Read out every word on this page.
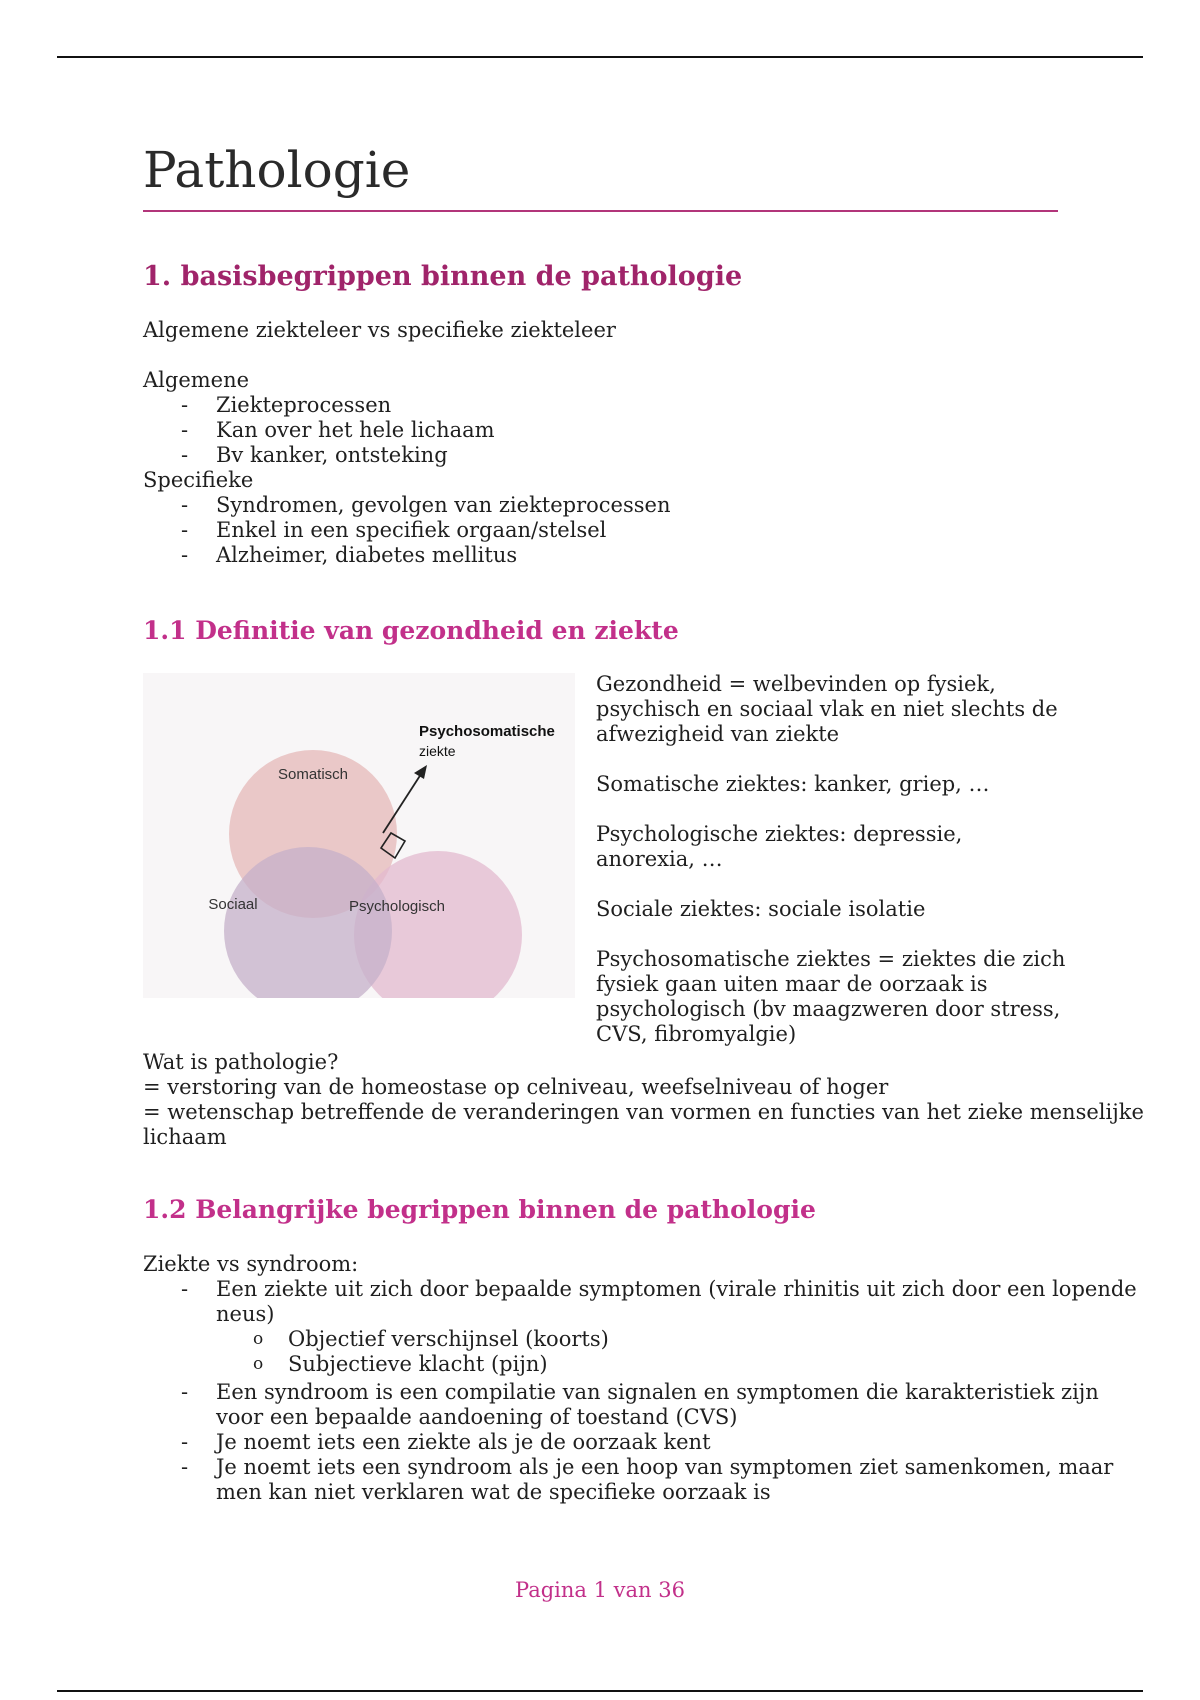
Pathologie
1. basisbegrippen binnen de pathologie
Algemene ziekteleer vs specifieke ziekteleer
Algemene
- Ziekteprocessen
- Kan over het hele lichaam
- Bv kanker, ontsteking
Specifieke
- Syndromen, gevolgen van ziekteprocessen
- Enkel in een specifiek orgaan/stelsel
- Alzheimer, diabetes mellitus
1.1 Definitie van gezondheid en ziekte
Wat is pathologie?
= verstoring van de homeostase op celniveau, weefselniveau of hoger
= wetenschap betreffende de veranderingen van vormen en functies van het zieke menselijke
lichaam
1.2 Belangrijke begrippen binnen de pathologie
Ziekte vs syndroom:
- Een ziekte uit zich door bepaalde symptomen (virale rhinitis uit zich door een lopende
neus)
o Objectief verschijnsel (koorts)
o Subjectieve klacht (pijn)
- Een syndroom is een compilatie van signalen en symptomen die karakteristiek zijn
voor een bepaalde aandoening of toestand (CVS)
- Je noemt iets een ziekte als je de oorzaak kent
- Je noemt iets een syndroom als je een hoop van symptomen ziet samenkomen, maar
men kan niet verklaren wat de specifieke oorzaak is
Somatisch
Sociaal	Psychologisch
Psychosomatische
ziekte

Gezondheid = welbevinden op fysiek,
psychisch en sociaal vlak en niet slechts de
afwezigheid van ziekte

Somatische ziektes: kanker, griep, …

Psychologische ziektes: depressie, anorexia, …

Sociale ziektes: sociale isolatie

Psychosomatische ziektes = ziektes die zich
fysiek gaan uiten maar de oorzaak is
psychologisch (bv maagzweren door stress,
CVS, fibromyalgie)

Pagina 1 van 36
